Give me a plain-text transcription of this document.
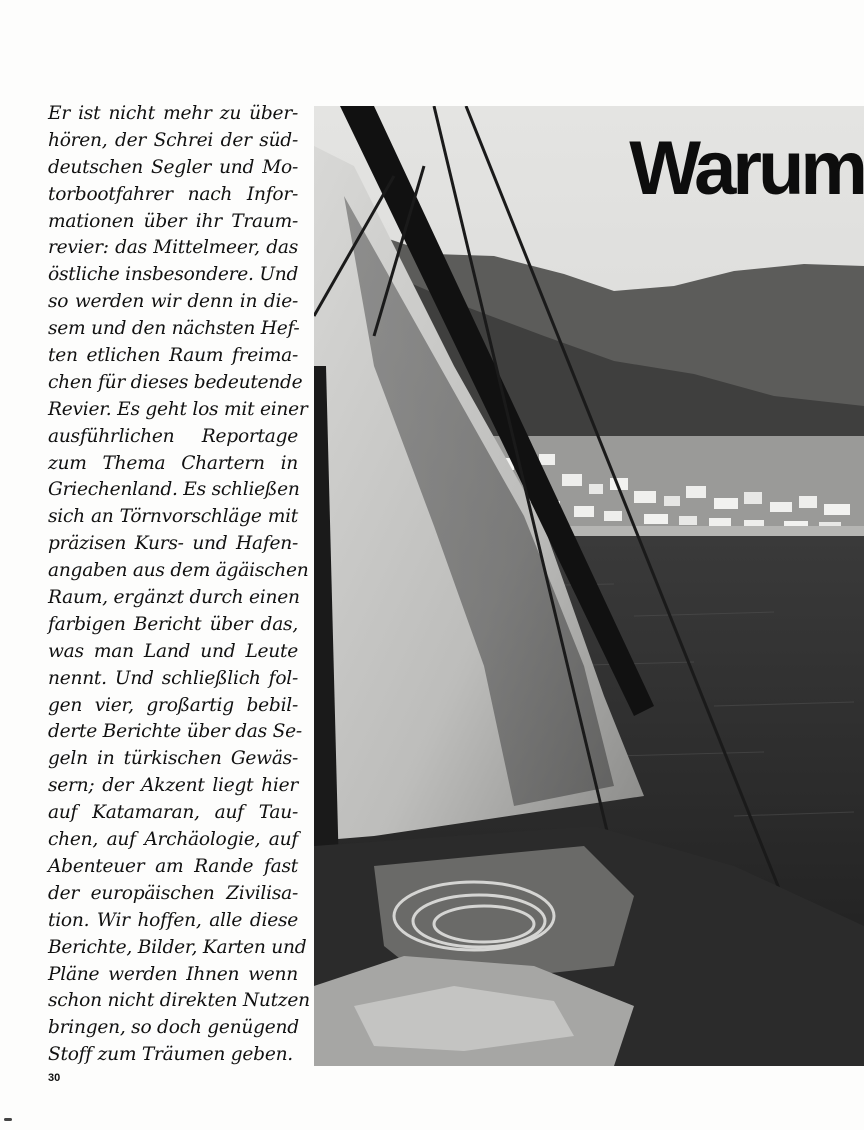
Er ist nicht mehr zu über-
hören, der Schrei der süd-
deutschen Segler und Mo-
torbootfahrer nach Infor-
mationen über ihr Traum-
revier: das Mittelmeer, das
östliche insbesondere. Und
so werden wir denn in die-
sem und den nächsten Hef-
ten etlichen Raum freima-
chen für dieses bedeutende
Revier. Es geht los mit einer
ausführlichen Reportage
zum Thema Chartern in
Griechenland. Es schließen
sich an Törnvorschläge mit
präzisen Kurs- und Hafen-
angaben aus dem ägäischen
Raum, ergänzt durch einen
farbigen Bericht über das,
was man Land und Leute
nennt. Und schließlich fol-
gen vier, großartig bebil-
derte Berichte über das Se-
geln in türkischen Gewäs-
sern; der Akzent liegt hier
auf Katamaran, auf Tau-
chen, auf Archäologie, auf
Abenteuer am Rande fast
der europäischen Zivilisa-
tion. Wir hoffen, alle diese
Berichte, Bilder, Karten und
Pläne werden Ihnen wenn
schon nicht direkten Nutzen
bringen, so doch genügend
Stoff zum Träumen geben.
30
Warum
